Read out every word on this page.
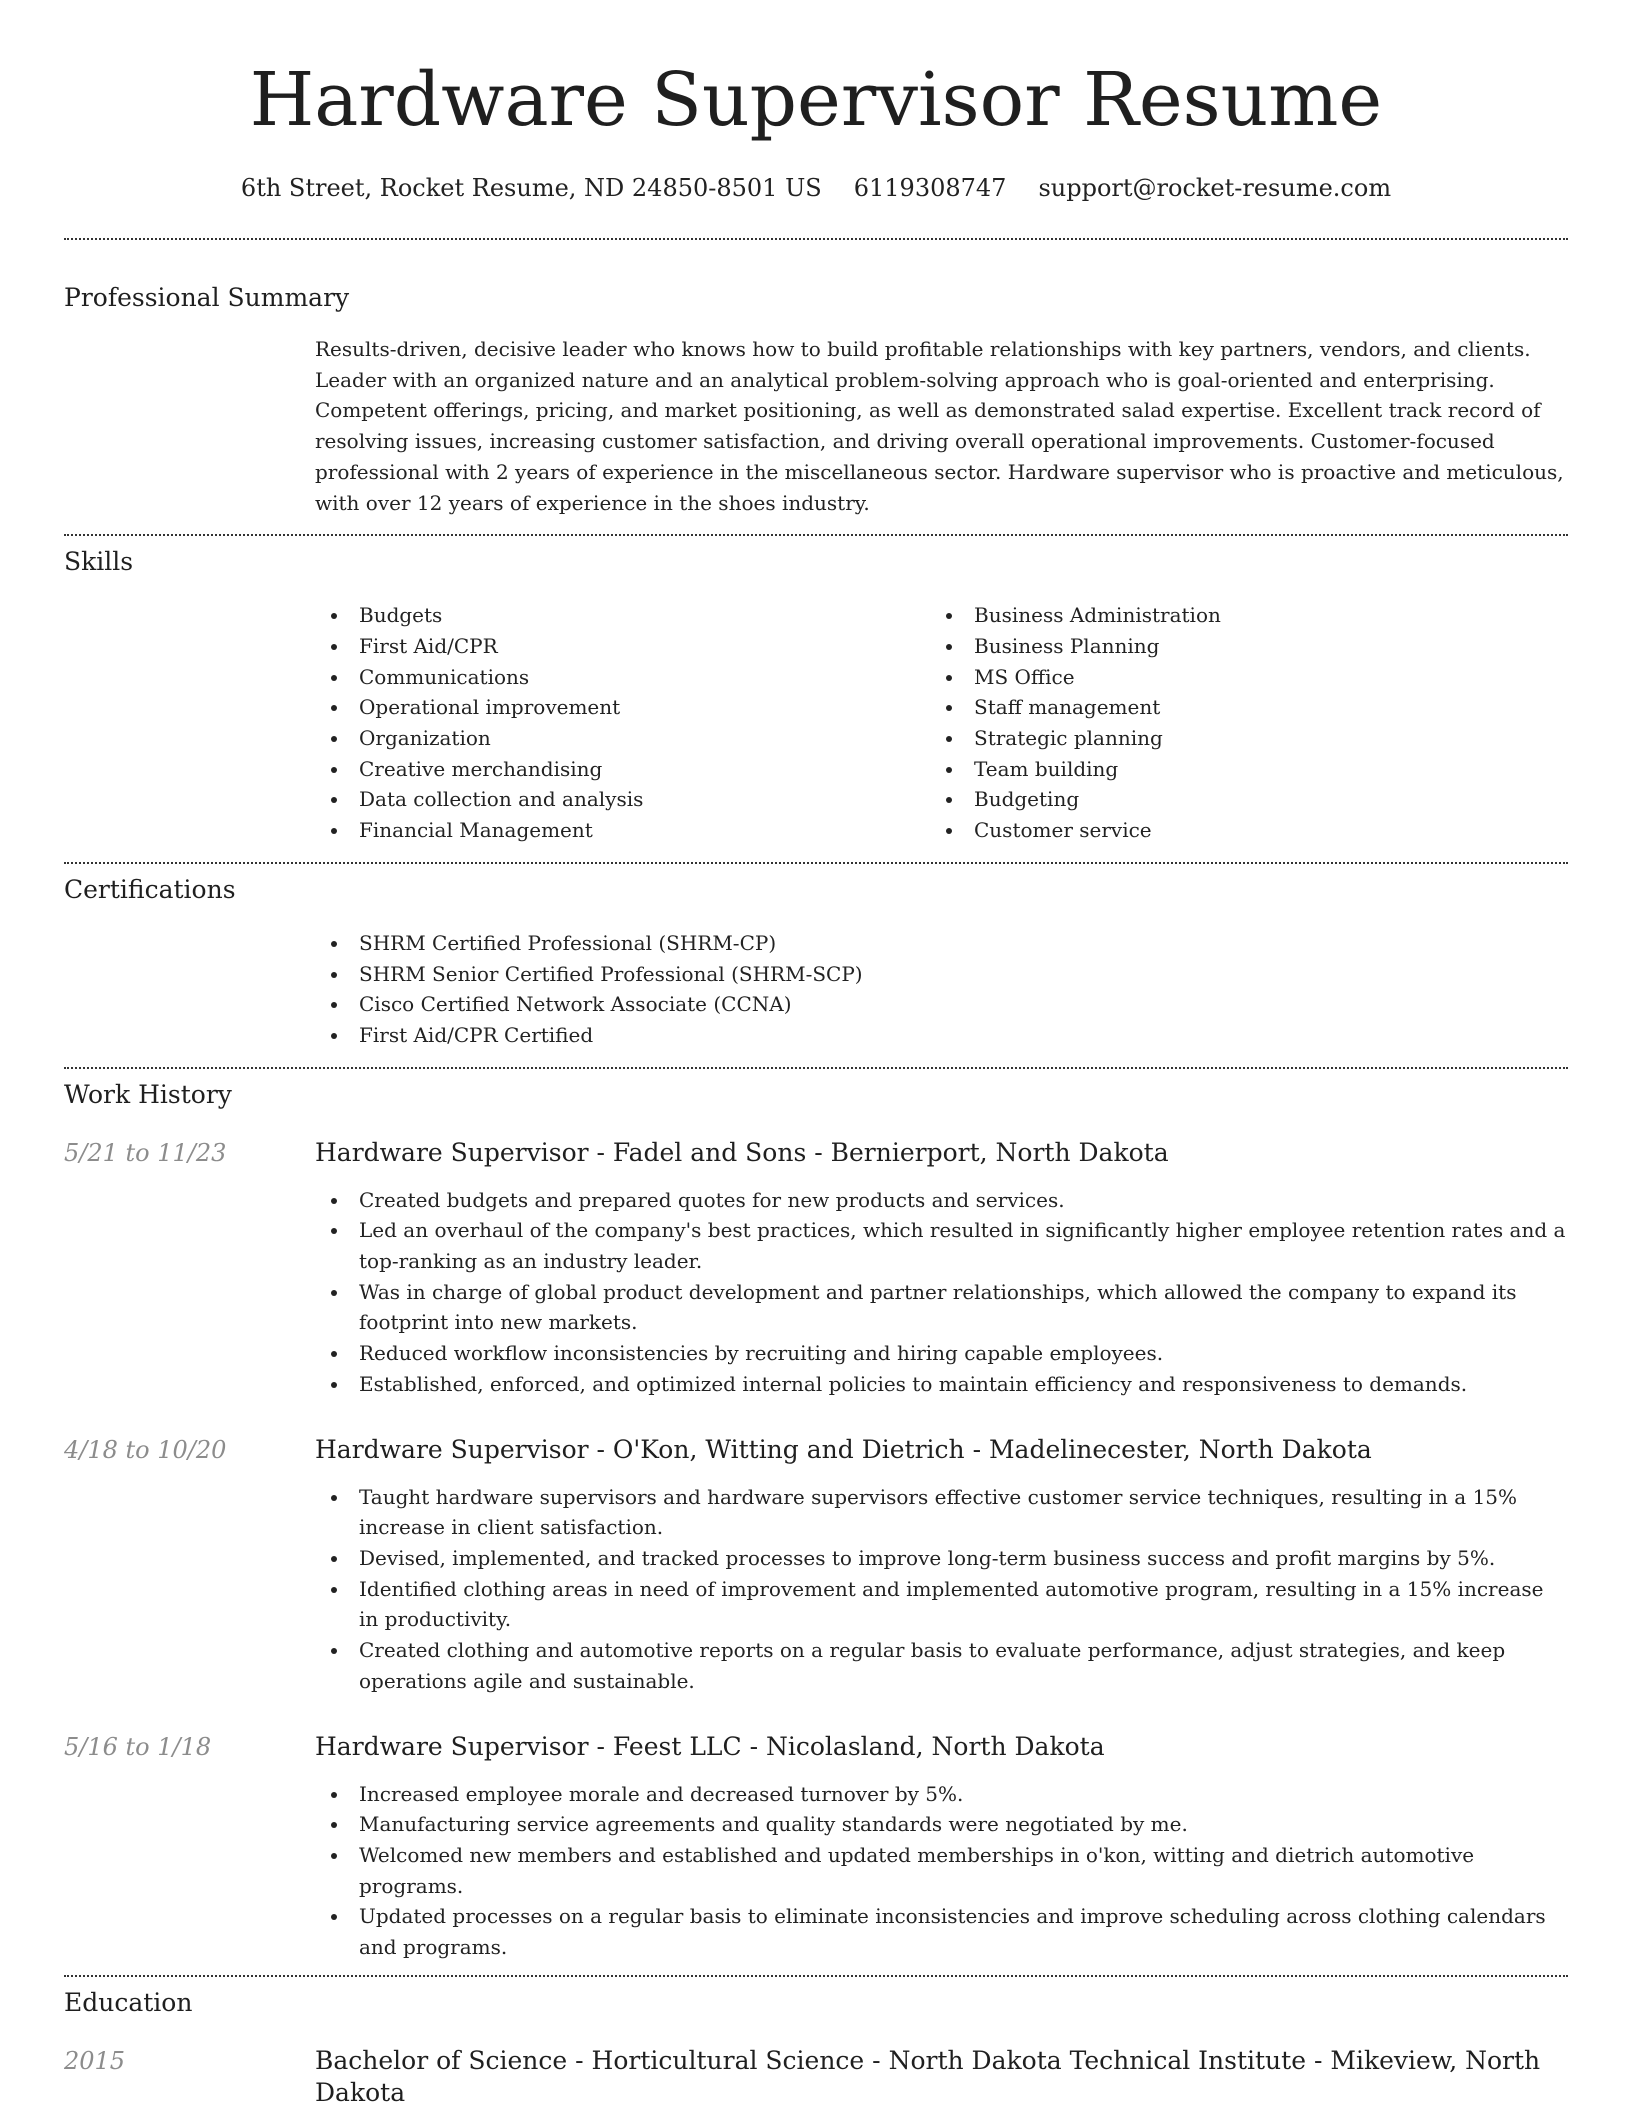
Hardware Supervisor Resume
6th Street, Rocket Resume, ND 24850-8501 US 6119308747 support@rocket-resume.com
Professional Summary

Results-driven, decisive leader who knows how to build profitable relationships with key partners, vendors, and clients. Leader with an organized nature and an analytical problem-solving approach who is goal-oriented and enterprising. Competent offerings, pricing, and market positioning, as well as demonstrated salad expertise. Excellent track record of resolving issues, increasing customer satisfaction, and driving overall operational improvements. Customer-focused professional with 2 years of experience in the miscellaneous sector. Hardware supervisor who is proactive and meticulous, with over 12 years of experience in the shoes industry.

Skills
Budgets
First Aid/CPR
Communications
Operational improvement
Organization
Creative merchandising
Data collection and analysis
Financial Management
Business Administration
Business Planning
MS Office
Staff management
Strategic planning
Team building
Budgeting
Customer service
Certifications
SHRM Certified Professional (SHRM-CP)
SHRM Senior Certified Professional (SHRM-SCP)
Cisco Certified Network Associate (CCNA)
First Aid/CPR Certified
Work History
5/21 to 11/23	Hardware Supervisor - Fadel and Sons - Bernierport, North Dakota
Created budgets and prepared quotes for new products and services.
Led an overhaul of the company's best practices, which resulted in significantly higher employee retention rates and a top-ranking as an industry leader.
Was in charge of global product development and partner relationships, which allowed the company to expand its footprint into new markets.
Reduced workflow inconsistencies by recruiting and hiring capable employees.
Established, enforced, and optimized internal policies to maintain efficiency and responsiveness to demands.
4/18 to 10/20	Hardware Supervisor - O'Kon, Witting and Dietrich - Madelinecester, North Dakota
Taught hardware supervisors and hardware supervisors effective customer service techniques, resulting in a 15% increase in client satisfaction.
Devised, implemented, and tracked processes to improve long-term business success and profit margins by 5%.
Identified clothing areas in need of improvement and implemented automotive program, resulting in a 15% increase in productivity.
Created clothing and automotive reports on a regular basis to evaluate performance, adjust strategies, and keep operations agile and sustainable.
5/16 to 1/18	Hardware Supervisor - Feest LLC - Nicolasland, North Dakota
Increased employee morale and decreased turnover by 5%.
Manufacturing service agreements and quality standards were negotiated by me.
Welcomed new members and established and updated memberships in o'kon, witting and dietrich automotive programs.
Updated processes on a regular basis to eliminate inconsistencies and improve scheduling across clothing calendars and programs.
Education
2015	Bachelor of Science - Horticultural Science - North Dakota Technical Institute - Mikeview, North Dakota
